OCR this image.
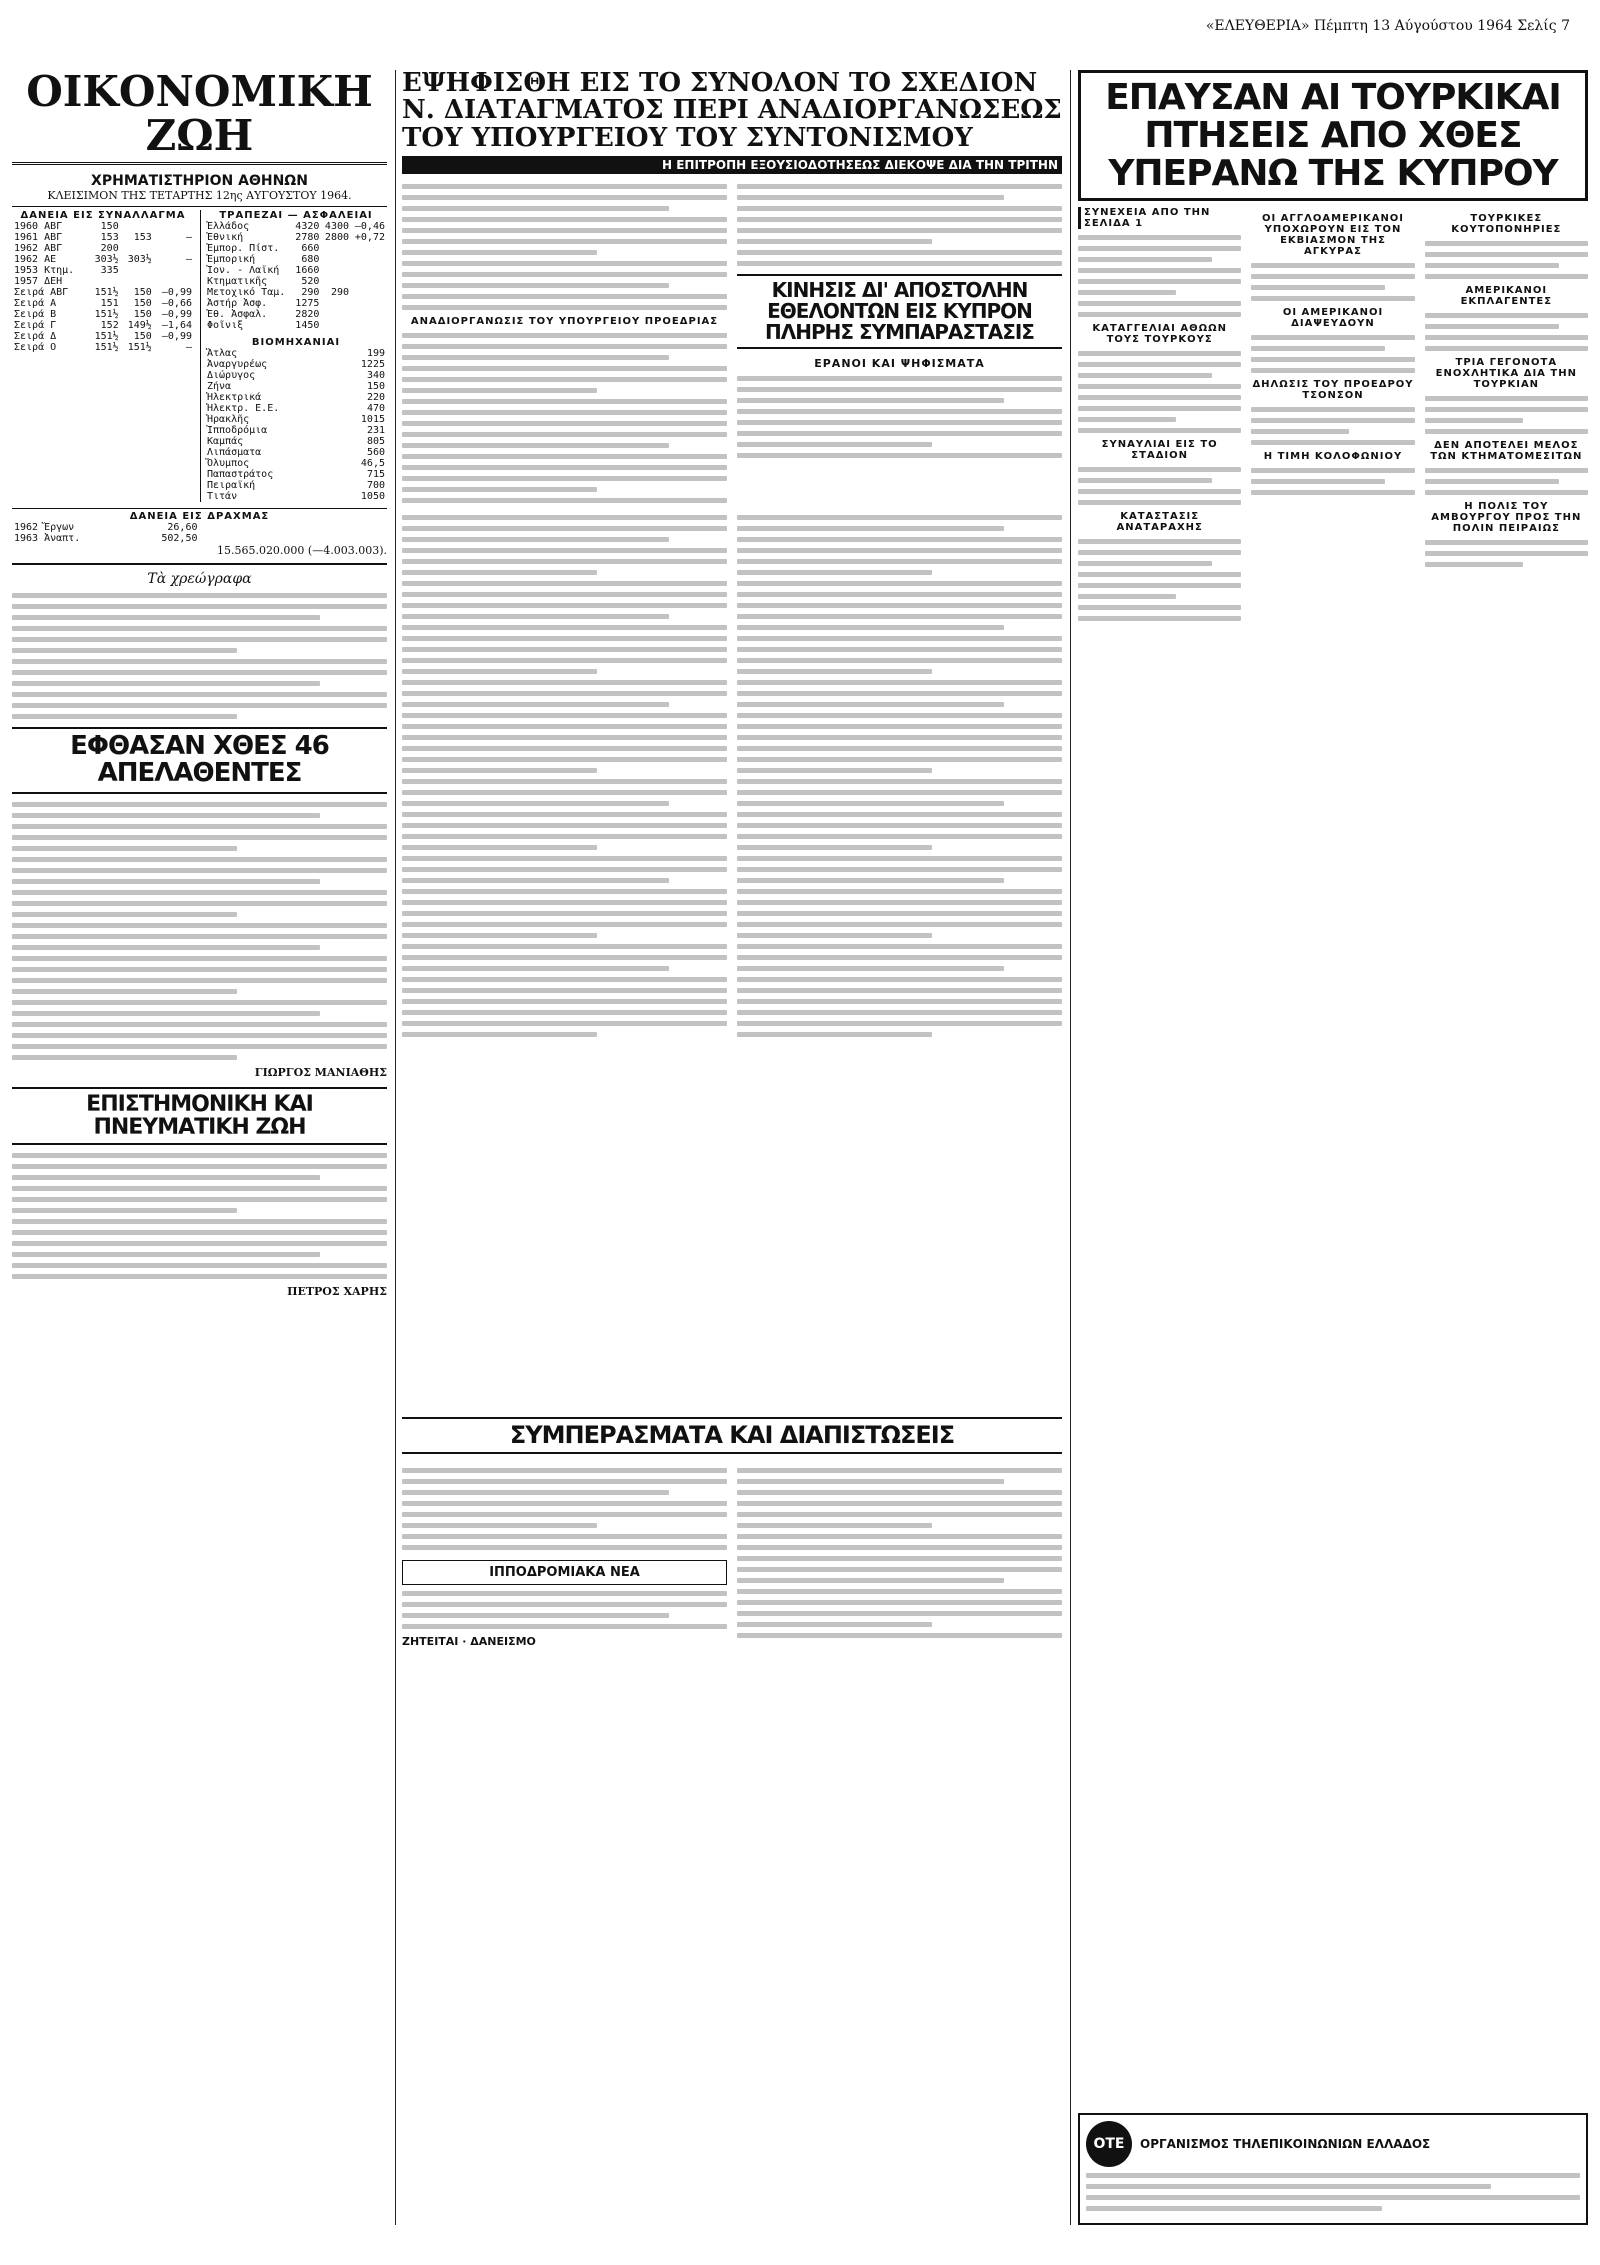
«ΕΛΕΥΘΕΡΙΑ» Πέμπτη 13 Αύγούστου 1964 Σελίς 7
ΟΙΚΟΝΟΜΙΚΗ ΖΩΗ
ΧΡΗΜΑΤΙΣΤΗΡΙΟΝ ΑΘΗΝΩΝ
ΚΛΕΙΣΙΜΟΝ ΤΗΣ ΤΕΤΑΡΤΗΣ 12ης ΑΥΓΟΥΣΤΟΥ 1964.
ΔΑΝΕΙΑ ΕΙΣ ΣΥΝΑΛΛΑΓΜΑ
1960 ΑΒΓ	150		
1961 ΑΒΓ	153	153	—
1962 ΑΒΓ	200		
1962 ΑΕ	303½	303½	—
1953 Κτημ.	335		
1957 ΔΕΗ			
Σειρά ΑΒΓ	151½	150	—0,99
Σειρά Α	151	150	—0,66
Σειρά Β	151½	150	—0,99
Σειρά Γ	152	149½	—1,64
Σειρά Δ	151½	150	—0,99
Σειρά Ο	151½	151½	—
ΤΡΑΠΕΖΑΙ — ΑΣΦΑΛΕΙΑΙ
Ἑλλάδος	4320	4300	—0,46
Ἐθνική	2780	2800	+0,72
Ἐμπορ. Πίστ.	660		
Ἐμπορική	680		
Ἰον. - Λαϊκή	1660		
Κτηματικῆς	520		
Μετοχικό Ταμ.	290	290	
Ἀστήρ Ἀσφ.	1275		
Ἐθ. Ἀσφαλ.	2820		
Φοῖνιξ	1450		
ΒΙΟΜΗΧΑΝΙΑΙ
Ἄτλας	199
Ἀναργυρέως	1225
Διώρυγος	340
Ζήνα	150
Ἠλεκτρικά	220
Ἠλεκτρ. Ε.Ε.	470
Ἡρακλῆς	1015
Ἰπποδρόμια	231
Καμπάς	805
Λιπάσματα	560
Ὄλυμπος	46,5
Παπαστράτος	715
Πειραϊκή	700
Τιτάν	1050
ΔΑΝΕΙΑ ΕΙΣ ΔΡΑΧΜΑΣ
1962 Ἔργων	26,60
1963 Ἀναπτ.	502,50
15.565.020.000 (—4.003.003).
Τὰ χρεώγραφα
ΕΦΘΑΣΑΝ ΧΘΕΣ 46 ΑΠΕΛΑΘΕΝΤΕΣ
ΓΙΩΡΓΟΣ ΜΑΝΙΑΘΗΣ
ΕΠΙΣΤΗΜΟΝΙΚΗ ΚΑΙ ΠΝΕΥΜΑΤΙΚΗ ΖΩΗ
ΠΕΤΡΟΣ ΧΑΡΗΣ
ΕΨΗΦΙΣΘΗ ΕΙΣ ΤΟ ΣΥΝΟΛΟΝ ΤΟ ΣΧΕΔΙΟΝ Ν. ΔΙΑΤΑΓΜΑΤΟΣ ΠΕΡΙ ΑΝΑΔΙΟΡΓΑΝΩΣΕΩΣ ΤΟΥ ΥΠΟΥΡΓΕΙΟΥ ΤΟΥ ΣΥΝΤΟΝΙΣΜΟΥ
Η ΕΠΙΤΡΟΠΗ ΕΞΟΥΣΙΟΔΟΤΗΣΕΩΣ ΔΙΕΚΟΨΕ ΔΙΑ ΤΗΝ ΤΡΙΤΗΝ
ΑΝΑΔΙΟΡΓΑΝΩΣΙΣ ΤΟΥ ΥΠΟΥΡΓΕΙΟΥ ΠΡΟΕΔΡΙΑΣ
ΚΙΝΗΣΙΣ ΔΙ' ΑΠΟΣΤΟΛΗΝ ΕΘΕΛΟΝΤΩΝ ΕΙΣ ΚΥΠΡΟΝ ΠΛΗΡΗΣ ΣΥΜΠΑΡΑΣΤΑΣΙΣ
ΕΡΑΝΟΙ ΚΑΙ ΨΗΦΙΣΜΑΤΑ
ΣΥΜΠΕΡΑΣΜΑΤΑ ΚΑΙ ΔΙΑΠΙΣΤΩΣΕΙΣ
ΙΠΠΟΔΡΟΜΙΑΚΑ ΝΕΑ
ΖΗΤΕΙΤΑΙ · ΔΑΝΕΙΣΜΟ
ΕΠΑΥΣΑΝ ΑΙ ΤΟΥΡΚΙΚΑΙ ΠΤΗΣΕΙΣ ΑΠΟ ΧΘΕΣ ΥΠΕΡΑΝΩ ΤΗΣ ΚΥΠΡΟΥ
ΣΥΝΕΧΕΙΑ ΑΠΟ ΤΗΝ ΣΕΛΙΔΑ 1
ΚΑΤΑΓΓΕΛΙΑΙ ΑΘΩΩΝ ΤΟΥΣ ΤΟΥΡΚΟΥΣ
ΣΥΝΑΥΛΙΑΙ ΕΙΣ ΤΟ ΣΤΑΔΙΟΝ
ΚΑΤΑΣΤΑΣΙΣ ΑΝΑΤΑΡΑΧΗΣ
ΟΙ ΑΓΓΛΟΑΜΕΡΙΚΑΝΟΙ ΥΠΟΧΩΡΟΥΝ ΕΙΣ ΤΟΝ ΕΚΒΙΑΣΜΟΝ ΤΗΣ ΑΓΚΥΡΑΣ
ΟΙ ΑΜΕΡΙΚΑΝΟΙ ΔΙΑΨΕΥΔΟΥΝ
ΔΗΛΩΣΙΣ ΤΟΥ ΠΡΟΕΔΡΟΥ ΤΣΟΝΣΟΝ
Η ΤΙΜΗ ΚΟΛΟΦΩΝΙΟΥ
ΤΟΥΡΚΙΚΕΣ ΚΟΥΤΟΠΟΝΗΡΙΕΣ
ΑΜΕΡΙΚΑΝΟΙ ΕΚΠΛΑΓΕΝΤΕΣ
ΤΡΙΑ ΓΕΓΟΝΟΤΑ ΕΝΟΧΛΗΤΙΚΑ ΔΙΑ ΤΗΝ ΤΟΥΡΚΙΑΝ
ΔΕΝ ΑΠΟΤΕΛΕΙ ΜΕΛΟΣ ΤΩΝ ΚΤΗΜΑΤΟΜΕΣΙΤΩΝ
Η ΠΟΛΙΣ ΤΟΥ ΑΜΒΟΥΡΓΟΥ ΠΡΟΣ ΤΗΝ ΠΟΛΙΝ ΠΕΙΡΑΙΩΣ
ΟΤΕ	ΟΡΓΑΝΙΣΜΟΣ ΤΗΛΕΠΙΚΟΙΝΩΝΙΩΝ ΕΛΛΑΔΟΣ
